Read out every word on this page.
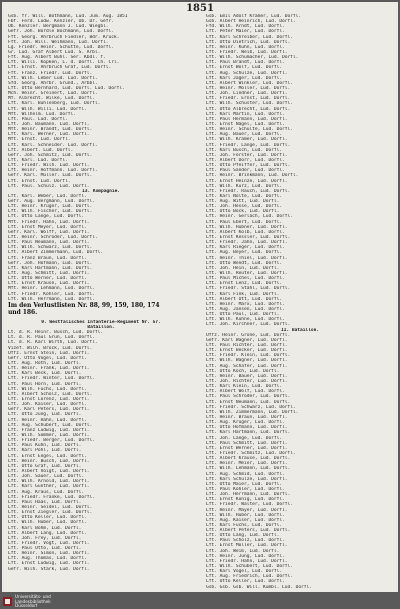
1851
Gsb. fr. Will. Bothmann, Lüd. Jum. Aug. 1851
Fbf. Ferd. Ludw. Kenzler, Ob. Dr. Gefr.
Ob. Kenzler. Bergmann J. Lüd. Wiegbl.
Gefr. Joh. Bordle Bochmann, Lüd. Dorfl.
Fft. Georg. Ahrbruch Fiedler, Bdr. Kruck.
Fft. Joh. Will. Weihmann, Lüd. Dorfl.
Lg. Friedr. Heinr. Schütte, Lüd. Dorfl.
Gr. Lüd. Graf Albert Lüd. S. Arbl.
Fft. Aug. Albert Buhl. Ser. Kbdl. f.
Lft. Willi. Köpken, L. d. Dorfl. Ch. Crl.
Lft. Ernst. Ahrbruch Graf, Lüd. Dorfl.
Fft. Franz. Friedr. Lüd. Dorfl.
Lft. Wilh. Leber Lüd. Lüd. Dorfl.
Sfd. Georg. Ahrbr. Grund., Arbbl.
Lft. Otto Bernhard, Lüd. Dorfl. Lüd. Dorfl.
Mch. Heinr. Greinert, Lüd. Dorfl.
Mf. Albrecht. Wilke, Lüd. Dorfl.
Lft. Karl. Buhlenberg, Lüd. Dorfl.
Lft. Wilh. Willi. Lüd. Dorfl.
Mft. Wilhelm. Lüd. Dorfl.
Lft. Paul. Lüd. Dorfl.
Lft. Joh. Baumann. Lüd. Dorfl.
Mft. Heinr. Brandt, Lüd. Dorfl.
Lft. Karl. Werner, Lüd. Dorfl.
Mft. Ernst. Lüd. Dorfl.
Lft. Karl. Schneider. Lüd. Dorfl.
Lft. Albert. Lüd. Dorfl.
Gefr. Joh. Schmitz, Lüd. Dorfl.
Lft. Karl. Lüd. Dorfl.
Lft. Friedr. Wilh. Lüd. Dorfl.
Lft. Heinr. Hoffmann. Lüd. Dorfl.
Gefr. Karl. Müller. Lüd. Dorfl.
Lft. Ernst. Lüd. Dorfl.
Lft. Paul. Schulz. Lüd. Dorfl.
13. Kompagnie.
Lft. Karl. Weber, Lüd. Dorfl.
Gefr. Aug. Bergmann, Lüd. Dorfl.
Lft. Heinr. Krüger, Lüd. Dorfl.
Lft. Wilh. Fischer, Lüd. Dorfl.
Lft. Otto Lange, Lüd. Dorfl.
Mft. Friedr. Hahn, Lüd. Dorfl.
Lft. Ernst Meyer, Lüd. Dorfl.
Gefr. Karl. Wolff, Lüd. Dorfl.
Lft. Heinr. Schröder, Lüd. Dorfl.
Lft. Paul Neumann, Lüd. Dorfl.
Lft. Wilh. Schwarz, Lüd. Dorfl.
Lft. Albert Zimmermann, Lüd. Dorfl.
Lft. Franz Braun, Lüd. Dorfl.
Gefr. Joh. Hofmann, Lüd. Dorfl.
Lft. Karl Hartmann, Lüd. Dorfl.
Lft. Aug. Schmitt, Lüd. Dorfl.
Lft. Otto Werner, Lüd. Dorfl.
Lft. Ernst Krause, Lüd. Dorfl.
Mft. Heinr. Lehmann, Lüd. Dorfl.
Lft. Friedr. Köhler, Lüd. Dorfl.
Lft. Wilh. Herrmann, Lüd. Dorfl.
Im den Verlustlisten Nr. 88, 99, 159, 180, 174
und 186.
9. Westfälisches Infanterie-Regiment Nr. 57.
Bataillon.
Lt. d. R. Heinr. Busch, Lüd. Dorfl.
Lt. d. R. Paul Grün, Lüd. Dorfl.
Lt. d. R. Karl Wirth, Lüd. Dorfl.
Vizef. Wilh. Brock, Lüd. Dorfl.
Uffz. Ernst Stein, Lüd. Dorfl.
Gefr. Otto Vogel, Lüd. Dorfl.
Lft. Aug. Roth, Lüd. Dorfl.
Lft. Heinr. Frank, Lüd. Dorfl.
Lft. Karl Beck, Lüd. Dorfl.
Lft. Friedr. Winter, Lüd. Dorfl.
Lft. Paul Horn, Lüd. Dorfl.
Lft. Wilh. Fuchs, Lüd. Dorfl.
Lft. Albert Scholz, Lüd. Dorfl.
Lft. Ernst Lorenz, Lüd. Dorfl.
Lft. Joh. Kaiser, Lüd. Dorfl.
Gefr. Karl Peters, Lüd. Dorfl.
Lft. Otto Jung, Lüd. Dorfl.
Lft. Heinr. Hahn, Lüd. Dorfl.
Lft. Aug. Schubert, Lüd. Dorfl.
Lft. Franz Ludwig, Lüd. Dorfl.
Lft. Wilh. Sommer, Lüd. Dorfl.
Lft. Friedr. Berger, Lüd. Dorfl.
Lft. Paul Kuhn, Lüd. Dorfl.
Lft. Karl Pohl, Lüd. Dorfl.
Lft. Ernst Engel, Lüd. Dorfl.
Lft. Heinr. Busch, Lüd. Dorfl.
Lft. Otto Graf, Lüd. Dorfl.
Lft. Albert Voigt, Lüd. Dorfl.
Lft. Joh. Sauer, Lüd. Dorfl.
Lft. Wilh. Arnold, Lüd. Dorfl.
Lft. Karl Günther, Lüd. Dorfl.
Lft. Aug. Kraus, Lüd. Dorfl.
Lft. Friedr. Franke, Lüd. Dorfl.
Lft. Paul Haas, Lüd. Dorfl.
Lft. Heinr. Seidel, Lüd. Dorfl.
Lft. Ernst Ziegler, Lüd. Dorfl.
Lft. Otto Keller, Lüd. Dorfl.
Lft. Wilh. Huber, Lüd. Dorfl.
Lft. Karl Böhm, Lüd. Dorfl.
Lft. Albert Lang, Lüd. Dorfl.
Lft. Joh. Frey, Lüd. Dorfl.
Lft. Friedr. Vogt, Lüd. Dorfl.
Lft. Paul Otto, Lüd. Dorfl.
Lft. Heinr. Simon, Lüd. Dorfl.
Lft. Aug. Thomas, Lüd. Dorfl.
Lft. Ernst Ludwig, Lüd. Dorfl.
Gefr. Wilh. Stark, Lüd. Dorfl.
Gsb. Emil Adolf Kramer, Lüd. Dorfl.
Gsb. Albert Heinrich, Lüd. Dorfl.
Ffd. Wilh. Arndt, Lüd. Dorfl.
Lft. Peter Maier, Lüd. Dorfl.
Lft. Karl Schreiber, Lüd. Dorfl.
Lft. Otto Dietrich, Lüd. Dorfl.
Lft. Heinr. Kühn, Lüd. Dorfl.
Lft. Friedr. Weiß, Lüd. Dorfl.
Lft. Wilh. Schumacher, Lüd. Dorfl.
Lft. Paul Brandt, Lüd. Dorfl.
Lft. Ernst Wolf, Lüd. Dorfl.
Lft. Aug. Schulze, Lüd. Dorfl.
Lft. Karl Jäger, Lüd. Dorfl.
Lft. Albert Winkler, Lüd. Dorfl.
Lft. Heinr. Möller, Lüd. Dorfl.
Lft. Joh. Lindner, Lüd. Dorfl.
Lft. Friedr. Ernst, Lüd. Dorfl.
Lft. Wilh. Schuster, Lüd. Dorfl.
Lft. Otto Albrecht, Lüd. Dorfl.
Lft. Karl Martin, Lüd. Dorfl.
Lft. Paul Hermann, Lüd. Dorfl.
Lft. Ernst Nagel, Lüd. Dorfl.
Lft. Heinr. Schulte, Lüd. Dorfl.
Lft. Aug. Bauer, Lüd. Dorfl.
Lft. Wilh. Kramer, Lüd. Dorfl.
Lft. Friedr. Lange, Lüd. Dorfl.
Lft. Karl Busch, Lüd. Dorfl.
Lft. Joh. Förster, Lüd. Dorfl.
Lft. Albert Dörr, Lüd. Dorfl.
Lft. Otto Pfeiffer, Lüd. Dorfl.
Lft. Paul Sander, Lüd. Dorfl.
Lft. Heinr. Brinkmann, Lüd. Dorfl.
Lft. Ernst Heinze, Lüd. Dorfl.
Lft. Wilh. Kurz, Lüd. Dorfl.
Lft. Friedr. Rauch, Lüd. Dorfl.
Lft. Karl Nolte, Lüd. Dorfl.
Lft. Aug. Witt, Lüd. Dorfl.
Lft. Joh. Hesse, Lüd. Dorfl.
Lft. Otto Bock, Lüd. Dorfl.
Lft. Heinr. Gerlach, Lüd. Dorfl.
Lft. Paul Ebert, Lüd. Dorfl.
Lft. Wilh. Hübner, Lüd. Dorfl.
Lft. Albert Kolb, Lüd. Dorfl.
Lft. Ernst Kessler, Lüd. Dorfl.
Lft. Friedr. Jahn, Lüd. Dorfl.
Lft. Karl Rieger, Lüd. Dorfl.
Lft. Aug. Beyer, Lüd. Dorfl.
Lft. Heinr. Thiel, Lüd. Dorfl.
Lft. Otto Wendt, Lüd. Dorfl.
Lft. Joh. Hein, Lüd. Dorfl.
Lft. Wilh. Reuter, Lüd. Dorfl.
Lft. Paul Michel, Lüd. Dorfl.
Lft. Ernst Lenz, Lüd. Dorfl.
Lft. Friedr. Stahl, Lüd. Dorfl.
Lft. Karl Fink, Lüd. Dorfl.
Lft. Albert Ott, Lüd. Dorfl.
Lft. Heinr. Marx, Lüd. Dorfl.
Lft. Aug. Jansen, Lüd. Dorfl.
Lft. Otto Paul, Lüd. Dorfl.
Lft. Wilh. Kühne, Lüd. Dorfl.
Lft. Joh. Kirchner, Lüd. Dorfl.
II. Bataillon.
Uffz. Heinr. Gröne, Lüd. Dorfl.
Gefr. Karl Wagner, Lüd. Dorfl.
Lft. Paul Richter, Lüd. Dorfl.
Lft. Ernst Becker, Lüd. Dorfl.
Lft. Friedr. Klein, Lüd. Dorfl.
Lft. Wilh. Wagner, Lüd. Dorfl.
Lft. Aug. Schäfer, Lüd. Dorfl.
Lft. Otto Koch, Lüd. Dorfl.
Lft. Heinr. Bauer, Lüd. Dorfl.
Lft. Joh. Richter, Lüd. Dorfl.
Lft. Karl Klein, Lüd. Dorfl.
Lft. Albert Wolf, Lüd. Dorfl.
Lft. Paul Schröder, Lüd. Dorfl.
Lft. Ernst Neumann, Lüd. Dorfl.
Lft. Friedr. Schwarz, Lüd. Dorfl.
Lft. Wilh. Zimmermann, Lüd. Dorfl.
Lft. Heinr. Braun, Lüd. Dorfl.
Lft. Aug. Krüger, Lüd. Dorfl.
Lft. Otto Hofmann, Lüd. Dorfl.
Lft. Karl Hartmann, Lüd. Dorfl.
Lft. Joh. Lange, Lüd. Dorfl.
Lft. Paul Schmitt, Lüd. Dorfl.
Lft. Ernst Werner, Lüd. Dorfl.
Lft. Friedr. Schmitz, Lüd. Dorfl.
Lft. Albert Krause, Lüd. Dorfl.
Lft. Heinr. Meier, Lüd. Dorfl.
Lft. Wilh. Lehmann, Lüd. Dorfl.
Lft. Aug. Schmid, Lüd. Dorfl.
Lft. Karl Schulze, Lüd. Dorfl.
Lft. Otto Maier, Lüd. Dorfl.
Lft. Paul Köhler, Lüd. Dorfl.
Lft. Joh. Herrmann, Lüd. Dorfl.
Lft. Ernst König, Lüd. Dorfl.
Lft. Friedr. Walter, Lüd. Dorfl.
Lft. Heinr. Mayer, Lüd. Dorfl.
Lft. Wilh. Huber, Lüd. Dorfl.
Lft. Aug. Kaiser, Lüd. Dorfl.
Lft. Karl Fuchs, Lüd. Dorfl.
Lft. Albert Peters, Lüd. Dorfl.
Lft. Otto Lang, Lüd. Dorfl.
Lft. Paul Scholz, Lüd. Dorfl.
Lft. Ernst Möller, Lüd. Dorfl.
Lft. Joh. Weiß, Lüd. Dorfl.
Lft. Heinr. Jung, Lüd. Dorfl.
Lft. Friedr. Hahn, Lüd. Dorfl.
Lft. Wilh. Schubert, Lüd. Dorfl.
Lft. Karl Vogel, Lüd. Dorfl.
Lft. Aug. Friedrich, Lüd. Dorfl.
Lft. Otto Keller, Lüd. Dorfl.
Gsb. Gsb. Gsb. Will. Kumbl. Lüd. Dorfl.
Universitäts- und
Landesbibliothek
Düsseldorf
